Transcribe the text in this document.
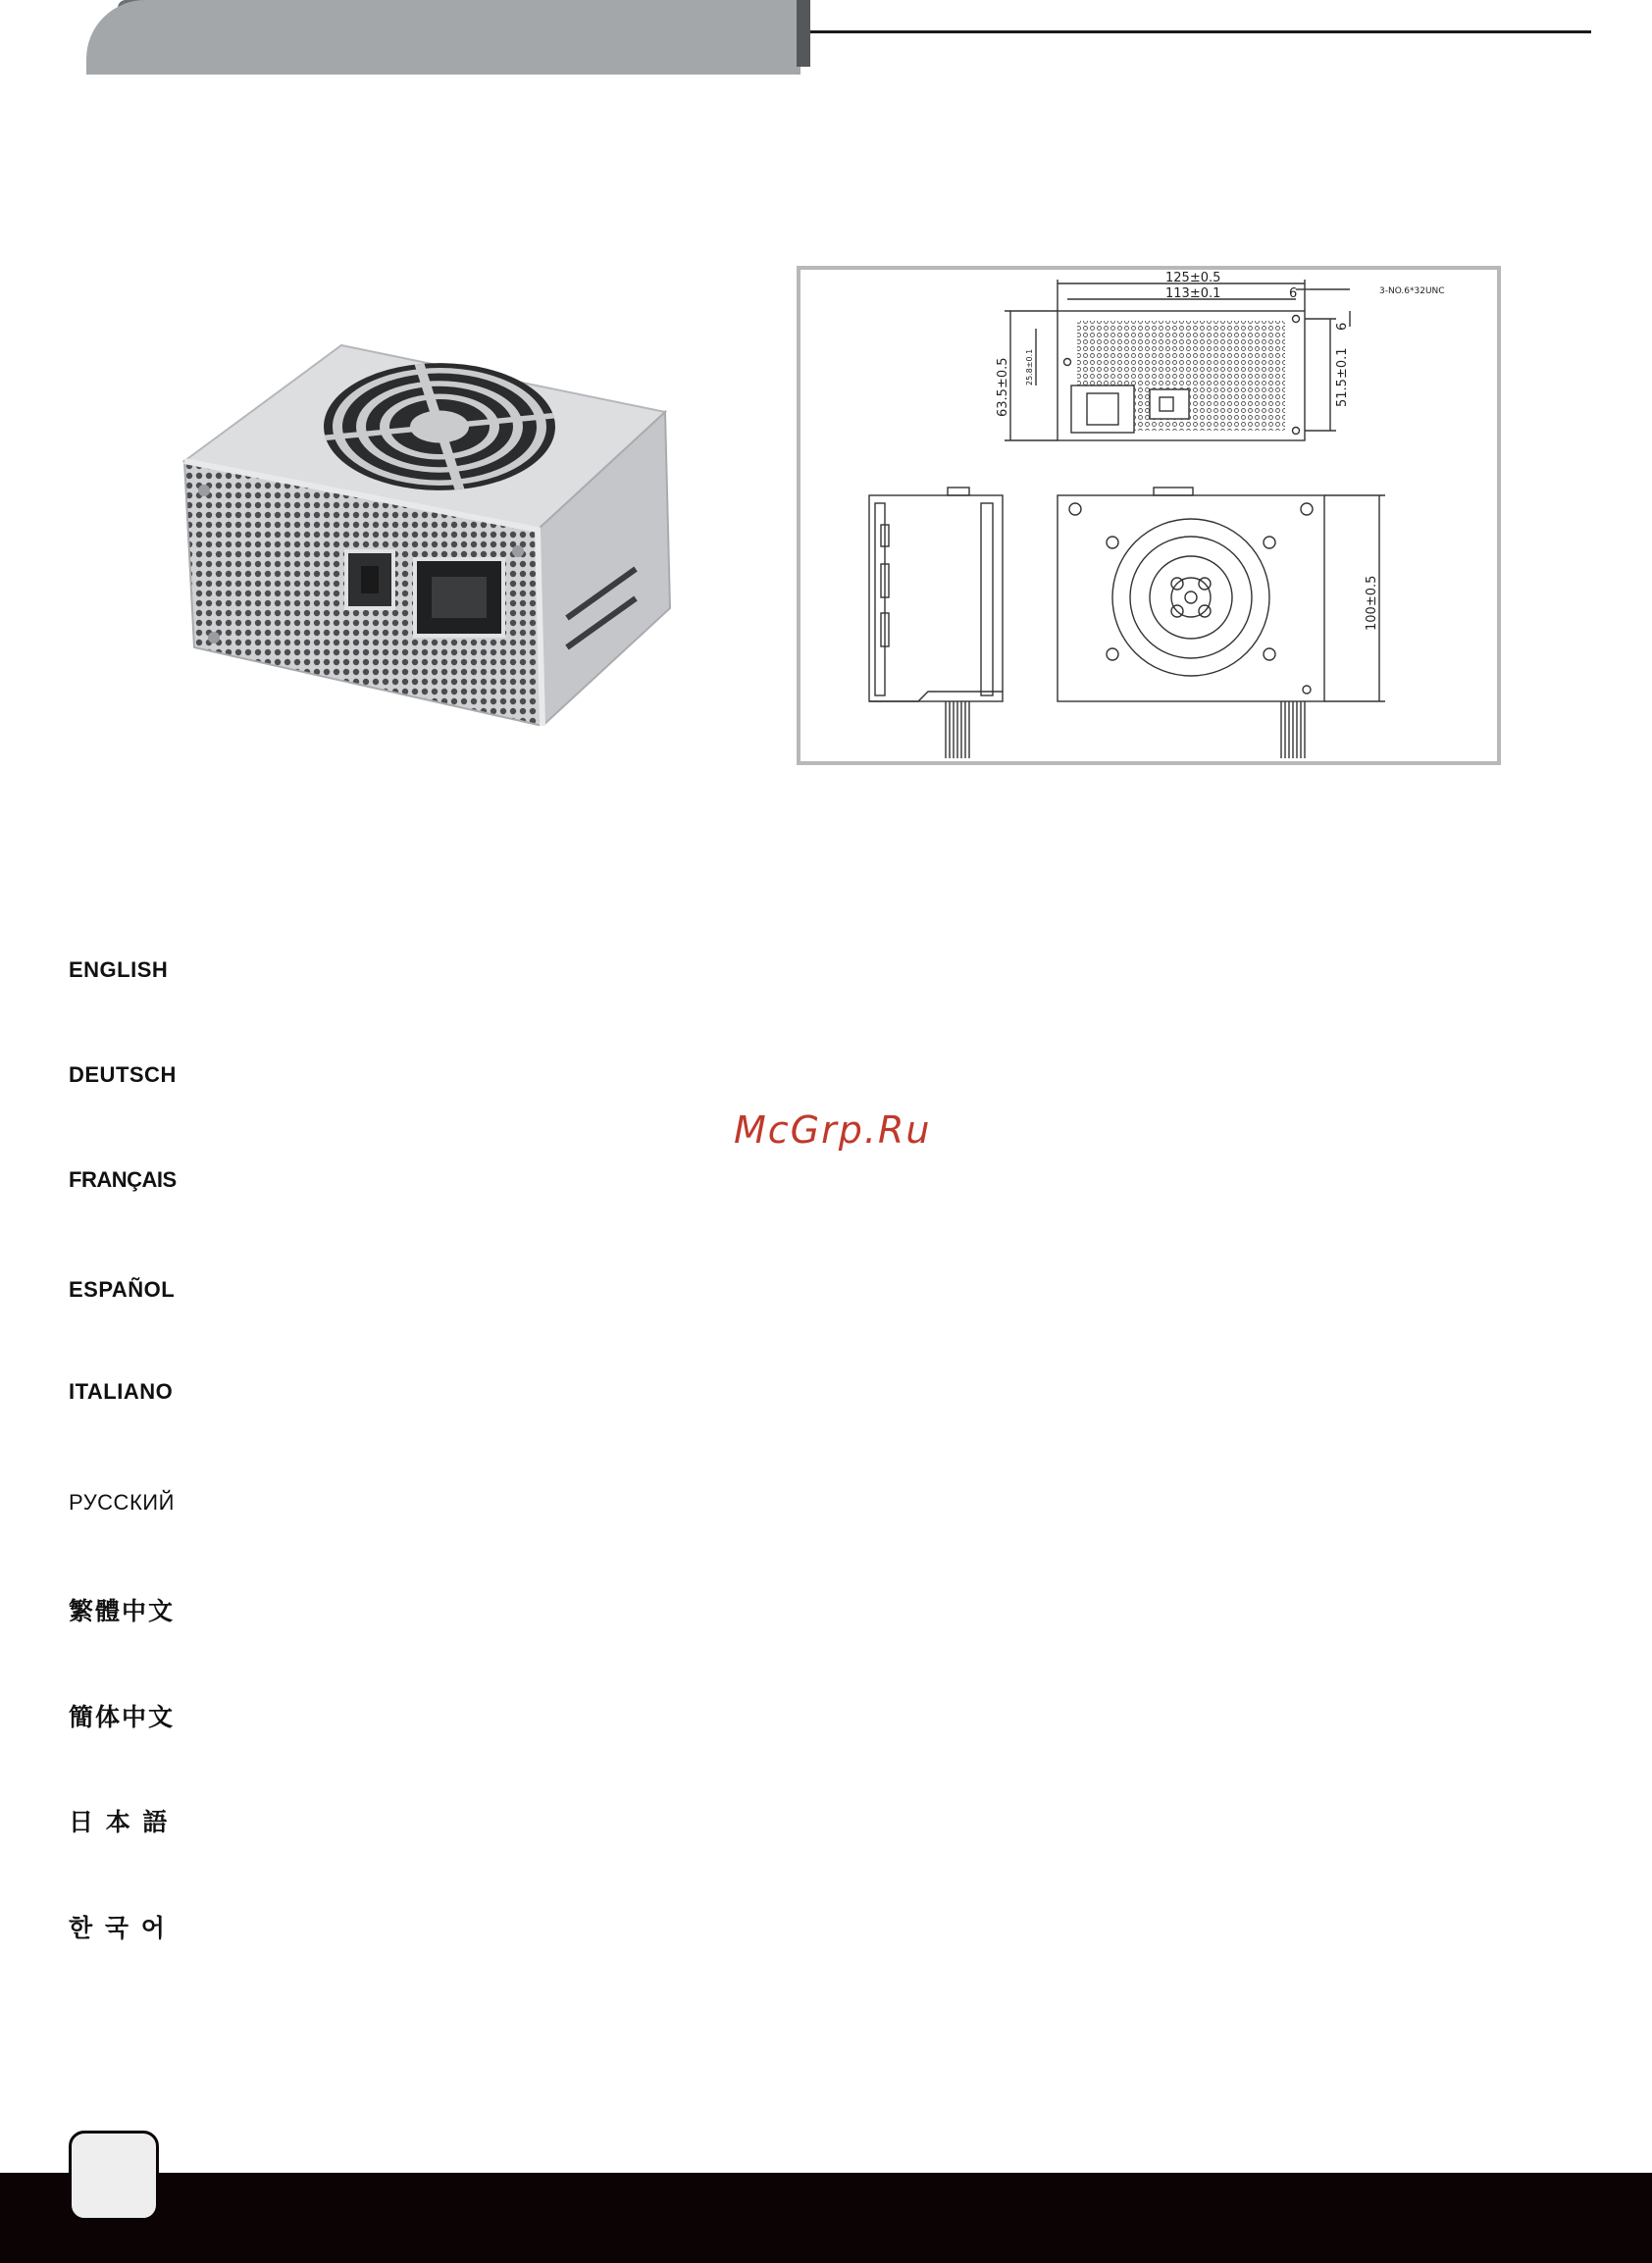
125±0.5
113±0.1	6	3-NO.6*32UNC
63.5±0.5 25.8±0.1	51.5±0.1
6
100±0.5
ENGLISH
DEUTSCH
FRANÇAIS
ESPAÑOL
ITALIANO
РУССКИЙ
繁體中文
簡体中文
日 本 語
한 국 어
McGrp.Ru
